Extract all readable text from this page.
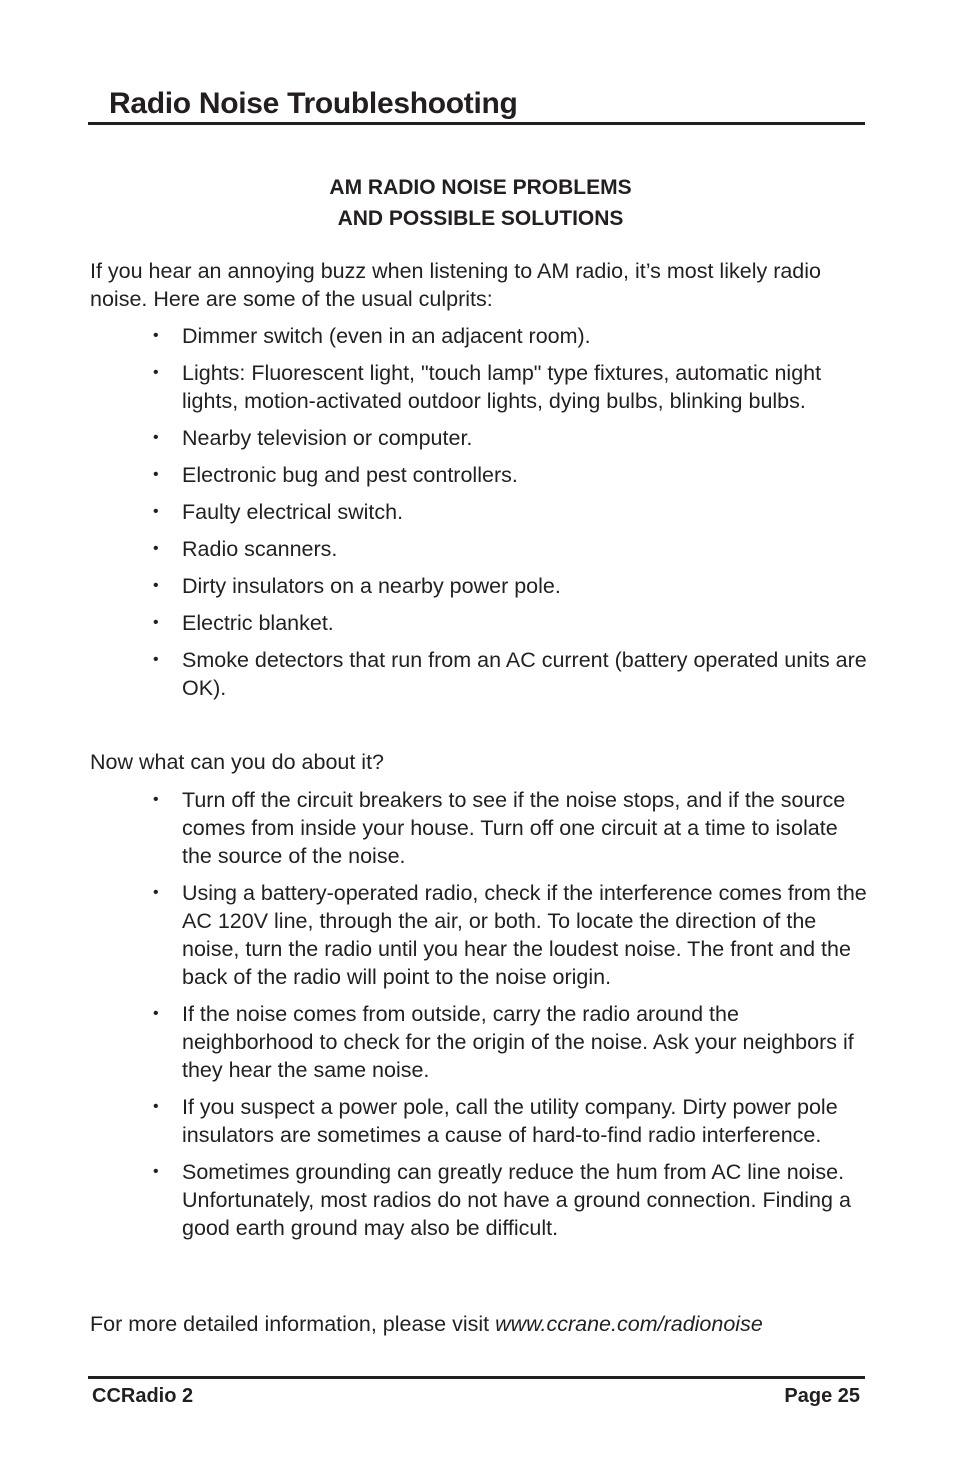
Radio Noise Troubleshooting
AM RADIO NOISE PROBLEMS
AND POSSIBLE SOLUTIONS

If you hear an annoying buzz when listening to AM radio, it’s most likely radio noise. Here are some of the usual culprits:

• Dimmer switch (even in an adjacent room).
• Lights: Fluorescent light, "touch lamp" type fixtures, automatic night lights, motion-activated outdoor lights, dying bulbs, blinking bulbs.
• Nearby television or computer.
• Electronic bug and pest controllers.
• Faulty electrical switch.
• Radio scanners.
• Dirty insulators on a nearby power pole.
• Electric blanket.
• Smoke detectors that run from an AC current (battery operated units are OK).

Now what can you do about it?

• Turn off the circuit breakers to see if the noise stops, and if the source comes from inside your house. Turn off one circuit at a time to isolate the source of the noise.
• Using a battery-operated radio, check if the interference comes from the AC 120V line, through the air, or both. To locate the direction of the noise, turn the radio until you hear the loudest noise. The front and the back of the radio will point to the noise origin.
• If the noise comes from outside, carry the radio around the neighborhood to check for the origin of the noise. Ask your neighbors if they hear the same noise.
• If you suspect a power pole, call the utility company. Dirty power pole insulators are sometimes a cause of hard-to-find radio interference.
• Sometimes grounding can greatly reduce the hum from AC line noise. Unfortunately, most radios do not have a ground connection. Finding a good earth ground may also be difficult.

For more detailed information, please visit www.ccrane.com/radionoise

CCRadio 2	Page 25
